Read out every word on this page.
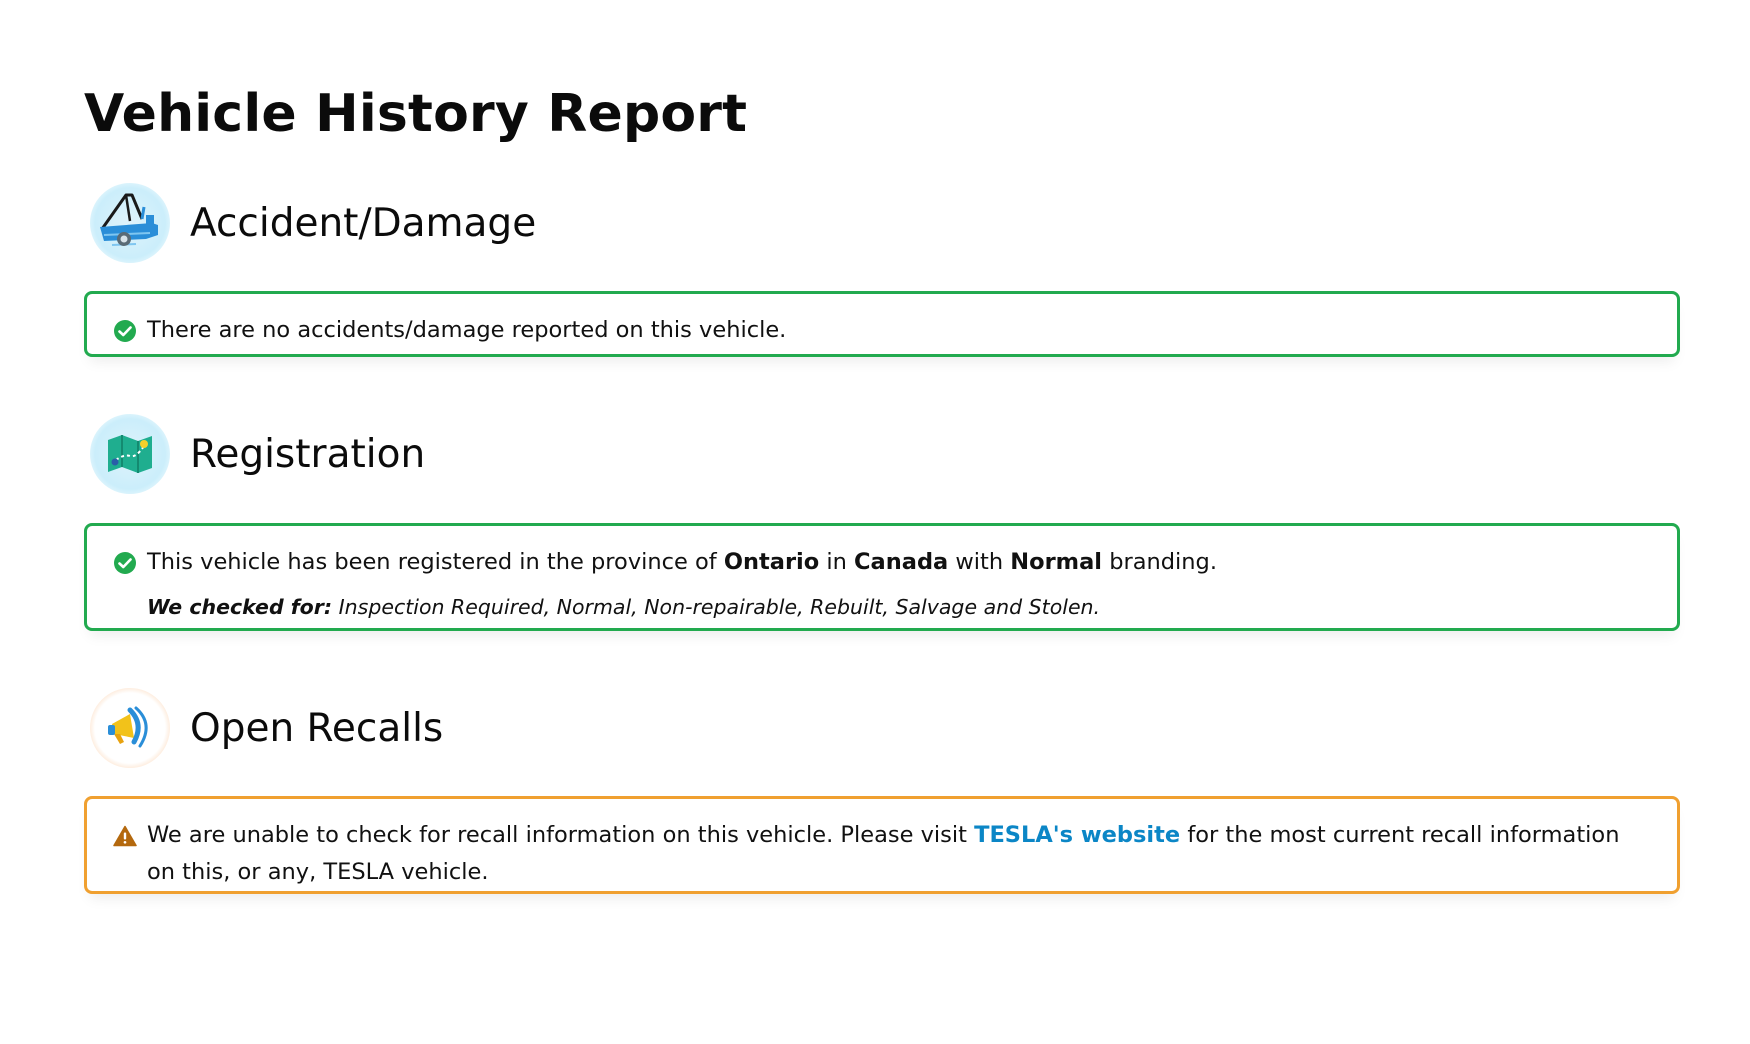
Vehicle History Report
Accident/Damage
There are no accidents/damage reported on this vehicle.
Registration
This vehicle has been registered in the province of Ontario in Canada with Normal branding.
We checked for: Inspection Required, Normal, Non-repairable, Rebuilt, Salvage and Stolen.
Open Recalls
We are unable to check for recall information on this vehicle. Please visit TESLA's website for the most current recall information on this, or any, TESLA vehicle.
